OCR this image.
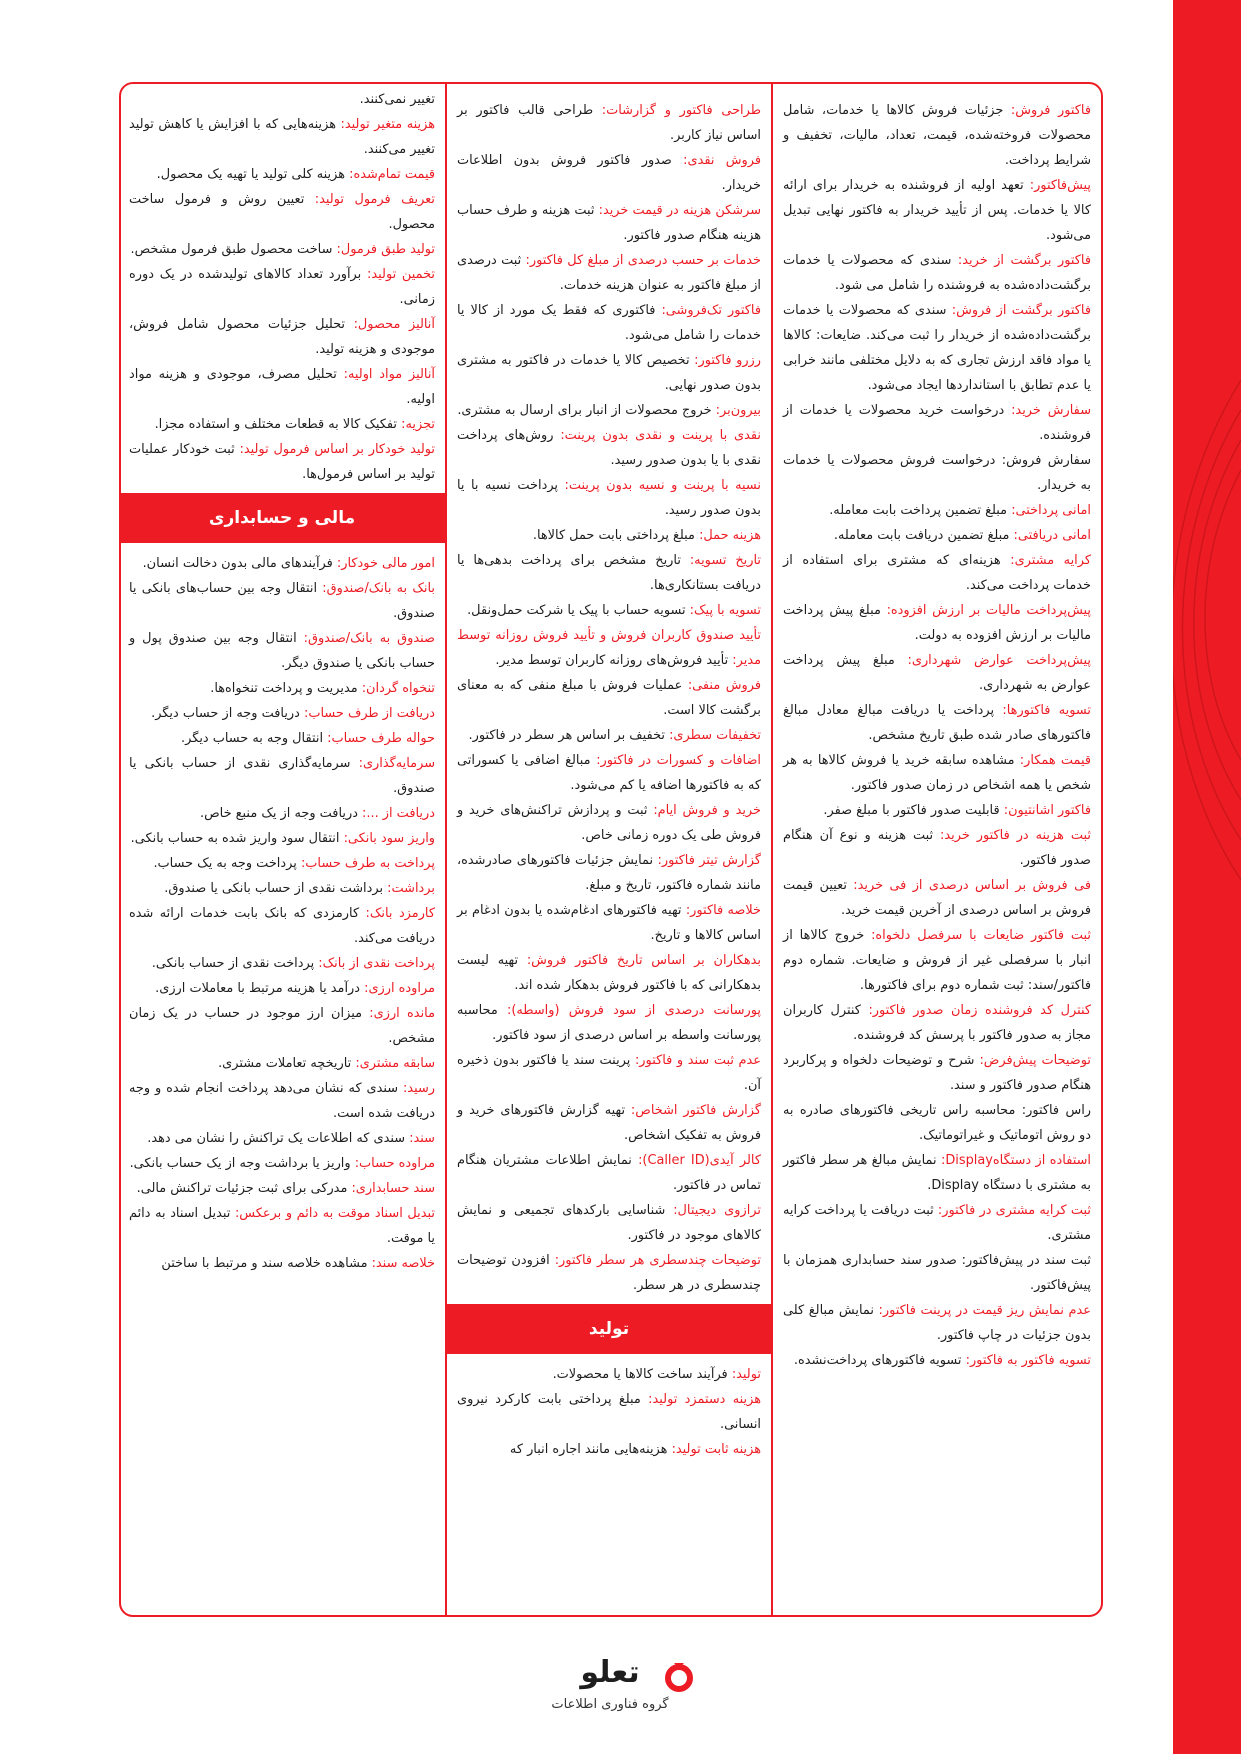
فاکتور فروش: جزئیات فروش کالاها یا خدمات، شامل محصولات فروخته‌شده، قیمت، تعداد، مالیات، تخفیف و شرایط پرداخت.

پیش‌فاکتور: تعهد اولیه از فروشنده به خریدار برای ارائه کالا یا خدمات. پس از تأیید خریدار به فاکتور نهایی تبدیل می‌شود.

فاکتور برگشت از خرید: سندی که محصولات یا خدمات برگشت‌داده‌شده به فروشنده را شامل می شود.

فاکتور برگشت از فروش: سندی که محصولات یا خدمات برگشت‌داده‌شده از خریدار را ثبت می‌کند. ضایعات: کالاها یا مواد فاقد ارزش تجاری که به دلایل مختلفی مانند خرابی یا عدم تطابق با استانداردها ایجاد می‌شود.

سفارش خرید: درخواست خرید محصولات یا خدمات از فروشنده.

سفارش فروش: درخواست فروش محصولات یا خدمات به خریدار.

امانی پرداختی: مبلغ تضمین پرداخت بابت معامله.

امانی دریافتی: مبلغ تضمین دریافت بابت معامله.

کرایه مشتری: هزینه‌ای که مشتری برای استفاده از خدمات پرداخت می‌کند.

پیش‌پرداخت مالیات بر ارزش افزوده: مبلغ پیش پرداخت مالیات بر ارزش افزوده به دولت.

پیش‌پرداخت عوارض شهرداری: مبلغ پیش پرداخت عوارض به شهرداری.

تسویه فاکتورها: پرداخت یا دریافت مبالغ معادل مبالغ فاکتورهای صادر شده طبق تاریخ مشخص.

قیمت همکار: مشاهده سابقه خرید یا فروش کالاها به هر شخص یا همه اشخاص در زمان صدور فاکتور.

فاکتور اشانتیون: قابلیت صدور فاکتور با مبلغ صفر.

ثبت هزینه در فاکتور خرید: ثبت هزینه و نوع آن هنگام صدور فاکتور.

فی فروش بر اساس درصدی از فی خرید: تعیین قیمت فروش بر اساس درصدی از آخرین قیمت خرید.

ثبت فاکتور ضایعات با سرفصل دلخواه: خروج کالاها از انبار با سرفصلی غیر از فروش و ضایعات. شماره دوم فاکتور/سند: ثبت شماره دوم برای فاکتورها.

کنترل کد فروشنده زمان صدور فاکتور: کنترل کاربران مجاز به صدور فاکتور با پرسش کد فروشنده.

توضیحات پیش‌فرض: شرح و توضیحات دلخواه و پرکاربرد هنگام صدور فاکتور و سند.

راس فاکتور: محاسبه راس تاریخی فاکتورهای صادره به دو روش اتوماتیک و غیراتوماتیک.

استفاده از دستگاهDisplay: نمایش مبالغ هر سطر فاکتور به مشتری با دستگاه Display.

ثبت کرایه مشتری در فاکتور: ثبت دریافت یا پرداخت کرایه مشتری.

ثبت سند در پیش‌فاکتور: صدور سند حسابداری همزمان با پیش‌فاکتور.

عدم نمایش ریز قیمت در پرینت فاکتور: نمایش مبالغ کلی بدون جزئیات در چاپ فاکتور.

تسویه فاکتور به فاکتور: تسویه فاکتورهای پرداخت‌نشده.

طراحی فاکتور و گزارشات: طراحی قالب فاکتور بر اساس نیاز کاربر.

فروش نقدی: صدور فاکتور فروش بدون اطلاعات خریدار.

سرشکن هزینه در قیمت خرید: ثبت هزینه و طرف حساب هزینه هنگام صدور فاکتور.

خدمات بر حسب درصدی از مبلغ کل فاکتور: ثبت درصدی از مبلغ فاکتور به عنوان هزینه خدمات.

فاکتور تک‌فروشی: فاکتوری که فقط یک مورد از کالا یا خدمات را شامل می‌شود.

رزرو فاکتور: تخصیص کالا یا خدمات در فاکتور به مشتری بدون صدور نهایی.

بیرون‌بر: خروج محصولات از انبار برای ارسال به مشتری.

نقدی با پرینت و نقدی بدون پرینت: روش‌های پرداخت نقدی با یا بدون صدور رسید.

نسیه با پرینت و نسیه بدون پرینت: پرداخت نسیه با یا بدون صدور رسید.

هزینه حمل: مبلغ پرداختی بابت حمل کالاها.

تاریخ تسویه: تاریخ مشخص برای پرداخت بدهی‌ها یا دریافت بستانکاری‌ها.

تسویه با پیک: تسویه حساب با پیک یا شرکت حمل‌ونقل.

تأیید صندوق کاربران فروش و تأیید فروش روزانه توسط مدیر: تأیید فروش‌های روزانه کاربران توسط مدیر.

فروش منفی: عملیات فروش با مبلغ منفی که به معنای برگشت کالا است.

تخفیفات سطری: تخفیف بر اساس هر سطر در فاکتور.

اضافات و کسورات در فاکتور: مبالغ اضافی یا کسوراتی که به فاکتورها اضافه یا کم می‌شود.

خرید و فروش ایام: ثبت و پردازش تراکنش‌های خرید و فروش طی یک دوره زمانی خاص.

گزارش تیتر فاکتور: نمایش جزئیات فاکتورهای صادرشده، مانند شماره فاکتور، تاریخ و مبلغ.

خلاصه فاکتور: تهیه فاکتورهای ادغام‌شده یا بدون ادغام بر اساس کالاها و تاریخ.

بدهکاران بر اساس تاریخ فاکتور فروش: تهیه لیست بدهکارانی که با فاکتور فروش بدهکار شده اند.

پورسانت درصدی از سود فروش (واسطه): محاسبه پورسانت واسطه بر اساس درصدی از سود فاکتور.

عدم ثبت سند و فاکتور: پرینت سند یا فاکتور بدون ذخیره آن.

گزارش فاکتور اشخاص: تهیه گزارش فاکتورهای خرید و فروش به تفکیک اشخاص.

کالر آیدی(Caller ID): نمایش اطلاعات مشتریان هنگام تماس در فاکتور.

ترازوی دیجیتال: شناسایی بارکدهای تجمیعی و نمایش کالاهای موجود در فاکتور.

توضیحات چندسطری هر سطر فاکتور: افزودن توضیحات چندسطری در هر سطر.

تولید

تولید: فرآیند ساخت کالاها یا محصولات.

هزینه دستمزد تولید: مبلغ پرداختی بابت کارکرد نیروی انسانی.

هزینه ثابت تولید: هزینه‌هایی مانند اجاره انبار که

تغییر نمی‌کنند.

هزینه متغیر تولید: هزینه‌هایی که با افزایش یا کاهش تولید تغییر می‌کنند.

قیمت تمام‌شده: هزینه کلی تولید یا تهیه یک محصول.

تعریف فرمول تولید: تعیین روش و فرمول ساخت محصول.

تولید طبق فرمول: ساخت محصول طبق فرمول مشخص.

تخمین تولید: برآورد تعداد کالاهای تولیدشده در یک دوره زمانی.

آنالیز محصول: تحلیل جزئیات محصول شامل فروش، موجودی و هزینه تولید.

آنالیز مواد اولیه: تحلیل مصرف، موجودی و هزینه مواد اولیه.

تجزیه: تفکیک کالا به قطعات مختلف و استفاده مجزا.

تولید خودکار بر اساس فرمول تولید: ثبت خودکار عملیات تولید بر اساس فرمول‌ها.

مالی و حسابداری

امور مالی خودکار: فرآیندهای مالی بدون دخالت انسان.

بانک به بانک/صندوق: انتقال وجه بین حساب‌های بانکی یا صندوق.

صندوق به بانک/صندوق: انتقال وجه بین صندوق پول و حساب بانکی یا صندوق دیگر.

تنخواه گردان: مدیریت و پرداخت تنخواه‌ها.

دریافت از طرف حساب: دریافت وجه از حساب دیگر.

حواله طرف حساب: انتقال وجه به حساب دیگر.

سرمایه‌گذاری: سرمایه‌گذاری نقدی از حساب بانکی یا صندوق.

دریافت از ...: دریافت وجه از یک منبع خاص.

واریز سود بانکی: انتقال سود واریز شده به حساب بانکی.

پرداخت به طرف حساب: پرداخت وجه به یک حساب.

برداشت: برداشت نقدی از حساب بانکی یا صندوق.

کارمزد بانک: کارمزدی که بانک بابت خدمات ارائه شده دریافت می‌کند.

پرداخت نقدی از بانک: پرداخت نقدی از حساب بانکی.

مراوده ارزی: درآمد یا هزینه مرتبط با معاملات ارزی.

مانده ارزی: میزان ارز موجود در حساب در یک زمان مشخص.

سابقه مشتری: تاریخچه تعاملات مشتری.

رسید: سندی که نشان می‌دهد پرداخت انجام شده و وجه دریافت شده است.

سند: سندی که اطلاعات یک تراکنش را نشان می دهد.

مراوده حساب: واریز یا برداشت وجه از یک حساب بانکی.

سند حسابداری: مدرکی برای ثبت جزئیات تراکنش مالی.

تبدیل اسناد موقت به دائم و برعکس: تبدیل اسناد به دائم یا موقت.

خلاصه سند: مشاهده خلاصه سند و مرتبط با ساختن

تعلو
گروه فناوری اطلاعات
